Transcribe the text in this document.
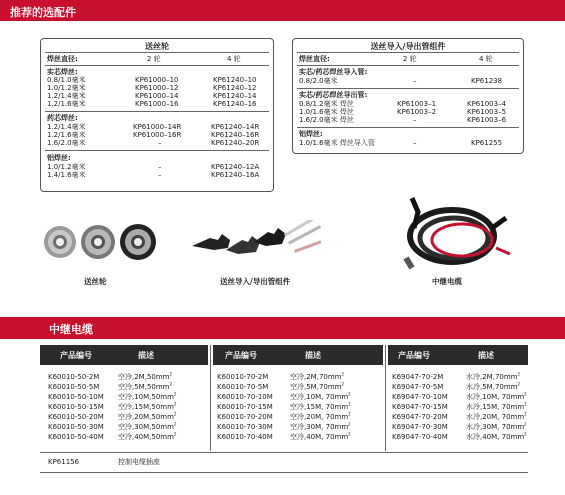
推荐的选配件
送丝轮
焊丝直径:	2 轮	4 轮
实芯焊丝:
0.8/1.0毫米	KP61000–10	KP61240–10
1.0/1.2毫米	KP61000–12	KP61240–12
1.2/1.4毫米	KP61000–14	KP61240–14
1.2/1.6毫米	KP61000–16	KP61240–16
药芯焊丝:
1.2/1.4毫米	KP61000–14R	KP61240–14R
1.2/1.6毫米	KP61000–16R	KP61240–16R
1.6/2.0毫米	–	KP61240–20R
铝焊丝:
1.0/1.2毫米	–	KP61240–12A
1.4/1.6毫米	–	KP61240–16A
送丝导入/导出管组件
焊丝直径:	2 轮	4 轮
实芯/药芯焊丝导入管:
0.8/2.0毫米	–	KP61238
实芯/药芯焊丝导出管:
0.8/1.2毫米 焊丝	KP61003–1	KP61003–4
1.0/1.6毫米 焊丝	KP61003–2	KP61003–5
1.6/2.0毫米 焊丝	–	KP61003–6
铝焊丝:
1.0/1.6毫米 焊丝导入管	–	KP61255
送丝轮	送丝导入/导出管组件	中继电缆
中继电缆
产品编号	描述	产品编号	描述	产品编号	描述
K60010-50-2M	空冷$,2M,50mm^2$
K60010-50-5M	空冷$,5M,50mm^2$
K60010-50-10M 空冷$,10M,50mm^2$
K60010-50-15M 空冷$,15M,50mm^2$
K60010-50-20M 空冷$,20M,50mm^2$
K60010-50-30M 空冷$,30M,50mm^2$
K60010-50-40M 空冷$,40M,50mm^2$
K60010-70-2M	空冷$,2M,70mm^2$
K60010-70-5M	空冷$,5M,70mm^2$
K60010-70-10M 空冷,10M, $70mm^2$
K60010-70-15M 空冷,15M, $70mm^2$
K60010-70-20M 空冷,20M, $70mm^2$
K60010-70-30M 空冷,30M, $70mm^2$
K60010-70-40M 空冷,40M, $70mm^2$
K69047-70-2M	水冷$,2M,70mm^2$
K69047-70-5M	水冷$,5M,70mm^2$
K69047-70-10M	水冷,10M, $70mm^2$
K69047-70-15M	水冷,15M, $70mm^2$
K69047-70-20M	水冷,20M, $70mm^2$
K69047-70-30M	水冷,30M, $70mm^2$
K69047-70-40M	水冷,40M, $70mm^2$
KP61156	控制电缆插座
